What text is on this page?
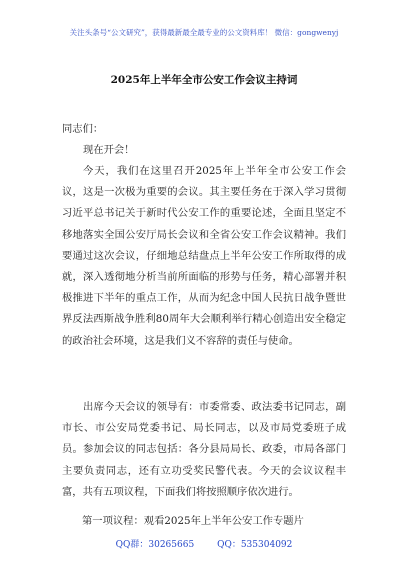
关注头条号“公文研究”，获得最新最全最专业的公文资料库！ 微信：gongwenyj
2025年上半年全市公安工作会议主持词
同志们：
现在开会！
今天，我们在这里召开2025年上半年全市公安工作会议，这是一次极为重要的会议。其主要任务在于深入学习贯彻习近平总书记关于新时代公安工作的重要论述，全面且坚定不移地落实全国公安厅局长会议和全省公安工作会议精神。我们要通过这次会议，仔细地总结盘点上半年公安工作所取得的成就，深入透彻地分析当前所面临的形势与任务，精心部署并积极推进下半年的重点工作，从而为纪念中国人民抗日战争暨世界反法西斯战争胜利80周年大会顺利举行精心创造出安全稳定的政治社会环境，这是我们义不容辞的责任与使命。
出席今天会议的领导有：市委常委、政法委书记同志，副市长、市公安局党委书记、局长同志，以及市局党委班子成员。参加会议的同志包括：各分县局局长、政委，市局各部门主要负责同志，还有立功受奖民警代表。今天的会议议程丰富，共有五项议程，下面我们将按照顺序依次进行。
第一项议程：观看2025年上半年公安工作专题片
QQ群：30265665	QQ：535304092
